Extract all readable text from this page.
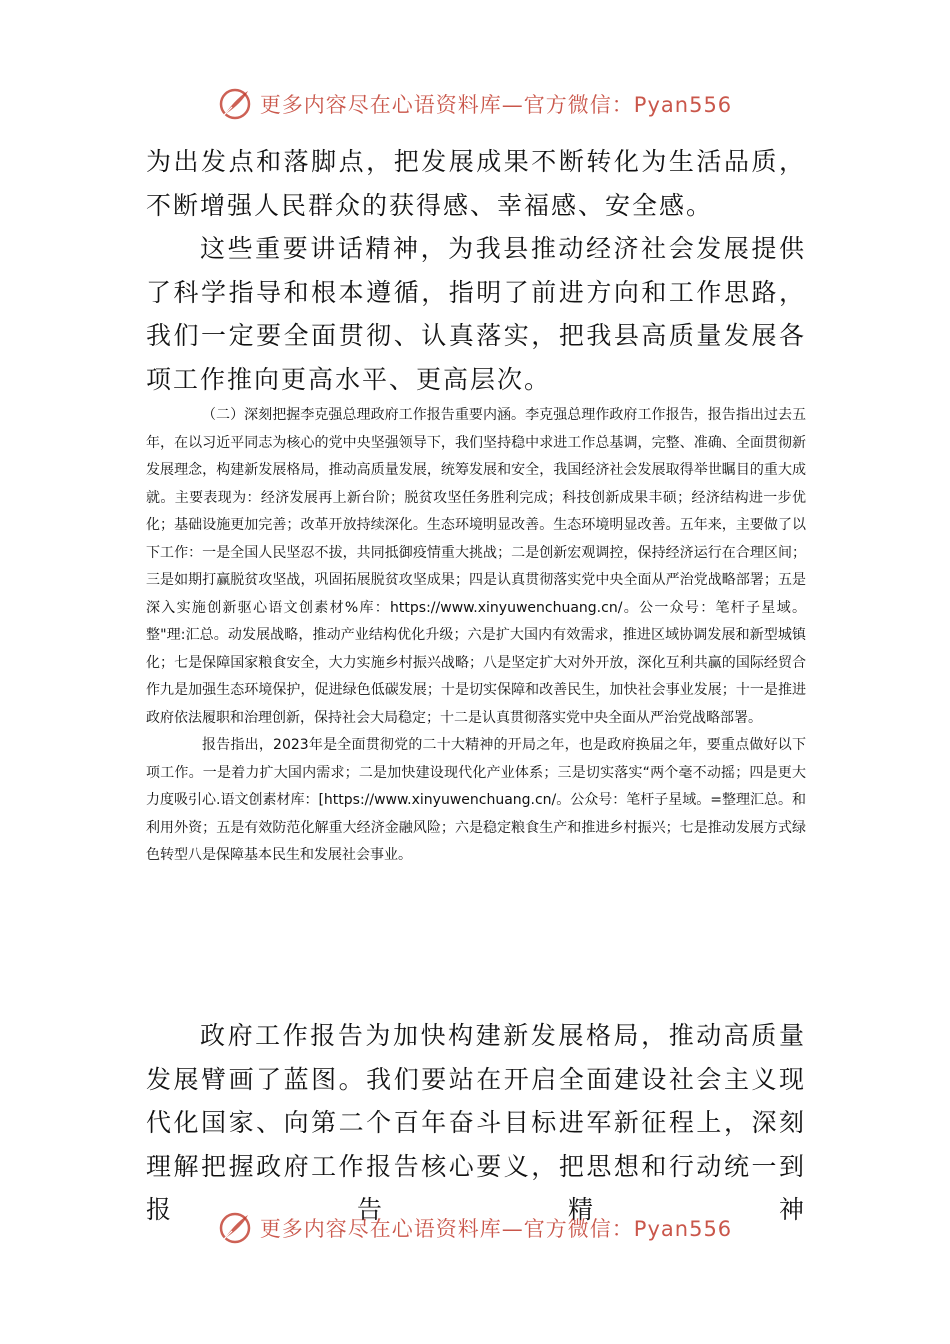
更多内容尽在心语资料库—官方微信：Pyan556

为出发点和落脚点，把发展成果不断转化为生活品质，不断增强人民群众的获得感、幸福感、安全感。

这些重要讲话精神，为我县推动经济社会发展提供了科学指导和根本遵循，指明了前进方向和工作思路，我们一定要全面贯彻、认真落实，把我县高质量发展各项工作推向更高水平、更高层次。

（二）深刻把握李克强总理政府工作报告重要内涵。李克强总理作政府工作报告，报告指出过去五年，在以习近平同志为核心的党中央坚强领导下，我们坚持稳中求进工作总基调，完整、准确、全面贯彻新发展理念，构建新发展格局，推动高质量发展，统筹发展和安全，我国经济社会发展取得举世瞩目的重大成就。主要表现为：经济发展再上新台阶；脱贫攻坚任务胜利完成；科技创新成果丰硕；经济结构进一步优化；基础设施更加完善；改革开放持续深化。生态环境明显改善。生态环境明显改善。五年来，主要做了以下工作：一是全国人民坚忍不拔，共同抵御疫情重大挑战；二是创新宏观调控，保持经济运行在合理区间；三是如期打赢脱贫攻坚战，巩固拓展脱贫攻坚成果；四是认真贯彻落实党中央全面从严治党战略部署；五是深入实施创新驱心语文创素材%库：https://www.xinyuwenchuang.cn/。公一众号：笔杆子星域。整"理:汇总。动发展战略，推动产业结构优化升级；六是扩大国内有效需求，推进区域协调发展和新型城镇化；七是保障国家粮食安全，大力实施乡村振兴战略；八是坚定扩大对外开放，深化互利共赢的国际经贸合作九是加强生态环境保护，促进绿色低碳发展；十是切实保障和改善民生，加快社会事业发展；十一是推进政府依法履职和治理创新，保持社会大局稳定；十二是认真贯彻落实党中央全面从严治党战略部署。

报告指出，2023年是全面贯彻党的二十大精神的开局之年，也是政府换届之年，要重点做好以下项工作。一是着力扩大国内需求；二是加快建设现代化产业体系；三是切实落实“两个毫不动摇；四是更大力度吸引心.语文创素材库：[https://www.xinyuwenchuang.cn/。公众号：笔杆子星域。=整理汇总。和利用外资；五是有效防范化解重大经济金融风险；六是稳定粮食生产和推进乡村振兴；七是推动发展方式绿色转型八是保障基本民生和发展社会事业。

政府工作报告为加快构建新发展格局，推动高质量发展臂画了蓝图。我们要站在开启全面建设社会主义现代化国家、向第二个百年奋斗目标进军新征程上，深刻理解把握政府工作报告核心要义，把思想和行动统一到报告精神

更多内容尽在心语资料库—官方微信：Pyan556
